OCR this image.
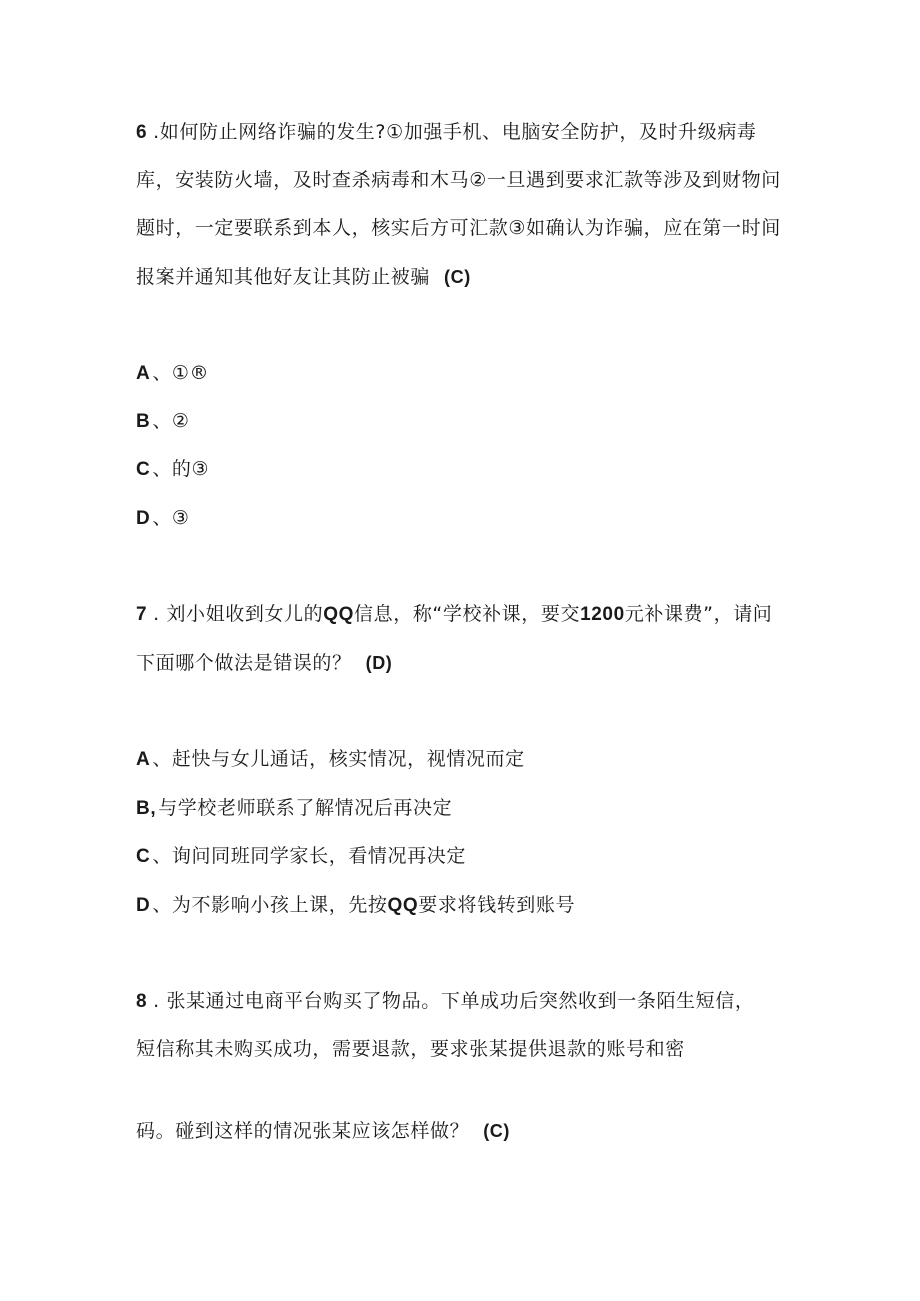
6 .如何防止网络诈骗的发生?①加强手机、电脑安全防护，及时升级病毒
库，安装防火墙，及时查杀病毒和木马②一旦遇到要求汇款等涉及到财物问
题时，一定要联系到本人，核实后方可汇款③如确认为诈骗，应在第一时间
报案并通知其他好友让其防止被骗 (C)
A 、①®
B 、②
C 、的③
D 、③
7 . 刘小姐收到女儿的QQ信息，称“学校补课，要交1200元补课费”，请问
下面哪个做法是错误的？ (D)
A 、赶快与女儿通话，核实情况，视情况而定
B, 与学校老师联系了解情况后再决定
C 、询问同班同学家长，看情况再决定
D 、为不影响小孩上课，先按QQ要求将钱转到账号
8 . 张某通过电商平台购买了物品。下单成功后突然收到一条陌生短信，
短信称其未购买成功，需要退款，要求张某提供退款的账号和密
码。碰到这样的情况张某应该怎样做？ (C)
